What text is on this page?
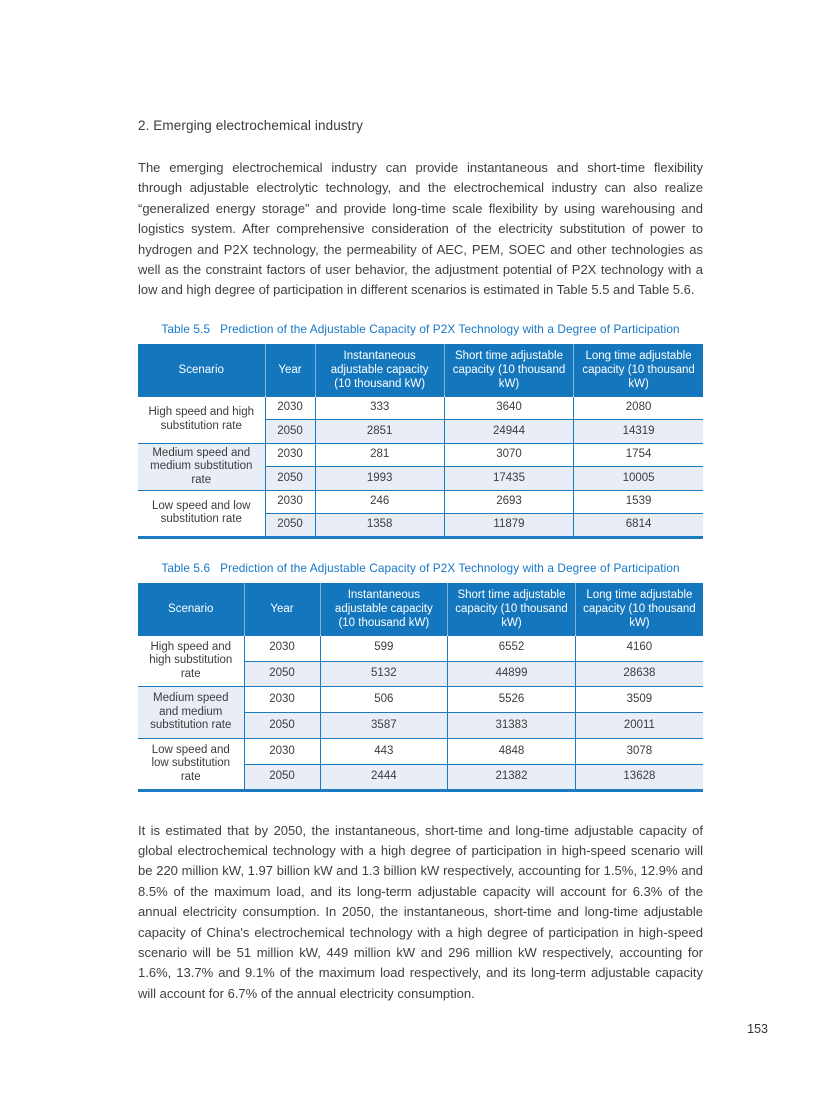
2. Emerging electrochemical industry

The emerging electrochemical industry can provide instantaneous and short-time flexibility through adjustable electrolytic technology, and the electrochemical industry can also realize “generalized energy storage” and provide long-time scale flexibility by using warehousing and logistics system. After comprehensive consideration of the electricity substitution of power to hydrogen and P2X technology, the permeability of AEC, PEM, SOEC and other technologies as well as the constraint factors of user behavior, the adjustment potential of P2X technology with a low and high degree of participation in different scenarios is estimated in Table 5.5 and Table 5.6.

Table 5.5 Prediction of the Adjustable Capacity of P2X Technology with a Degree of Participation
Scenario	Year	Instantaneous adjustable capacity (10 thousand kW)	Short time adjustable capacity (10 thousand kW)	Long time adjustable capacity (10 thousand kW)
High speed and high substitution rate	2030	333	3640	2080
	2050	2851	24944	14319
Medium speed and medium substitution rate	2030	281	3070	1754
	2050	1993	17435	10005
Low speed and low substitution rate	2030	246	2693	1539
	2050	1358	11879	6814
Table 5.6 Prediction of the Adjustable Capacity of P2X Technology with a Degree of Participation
Scenario	Year	Instantaneous adjustable capacity (10 thousand kW)	Short time adjustable capacity (10 thousand kW)	Long time adjustable capacity (10 thousand kW)
High speed and high substitution rate	2030	599	6552	4160
	2050	5132	44899	28638
Medium speed and medium substitution rate	2030	506	5526	3509
	2050	3587	31383	20011
Low speed and low substitution rate	2030	443	4848	3078
	2050	2444	21382	13628

It is estimated that by 2050, the instantaneous, short-time and long-time adjustable capacity of global electrochemical technology with a high degree of participation in high-speed scenario will be 220 million kW, 1.97 billion kW and 1.3 billion kW respectively, accounting for 1.5%, 12.9% and 8.5% of the maximum load, and its long-term adjustable capacity will account for 6.3% of the annual electricity consumption. In 2050, the instantaneous, short-time and long-time adjustable capacity of China's electrochemical technology with a high degree of participation in high-speed scenario will be 51 million kW, 449 million kW and 296 million kW respectively, accounting for 1.6%, 13.7% and 9.1% of the maximum load respectively, and its long-term adjustable capacity will account for 6.7% of the annual electricity consumption.

153
